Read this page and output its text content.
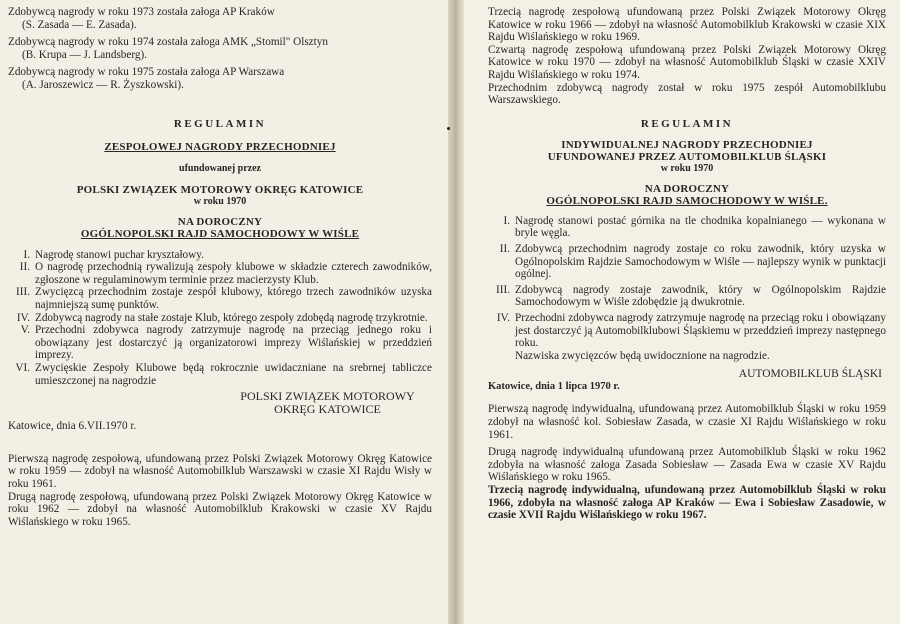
Zdobywcą nagrody w roku 1973 została załoga AP Kraków

(S. Zasada — E. Zasada).

Zdobywcą nagrody w roku 1974 została załoga AMK „Stomil" Olsztyn

(B. Krupa — J. Landsberg).

Zdobywcą nagrody w roku 1975 została załoga AP Warszawa

(A. Jaroszewicz — R. Żyszkowski).

REGULAMIN

ZESPOŁOWEJ NAGRODY PRZECHODNIEJ

ufundowanej przez

POLSKI ZWIĄZEK MOTOROWY OKRĘG KATOWICE

w roku 1970

NA DOROCZNY

OGÓLNOPOLSKI RAJD SAMOCHODOWY W WIŚLE

I. Nagrodę stanowi puchar kryształowy.
II. O nagrodę przechodnią rywalizują zespoły klubowe w składzie czterech zawodników, zgłoszone w regulaminowym terminie przez macierzysty Klub.
III. Zwycięzcą przechodnim zostaje zespół klubowy, którego trzech zawodników uzyska najmniejszą sumę punktów.
IV. Zdobywcą nagrody na stałe zostaje Klub, którego zespoły zdobędą nagrodę trzykrotnie.
V. Przechodni zdobywca nagrody zatrzymuje nagrodę na przeciąg jednego roku i obowiązany jest dostarczyć ją organizatorowi imprezy Wiślańskiej w przeddzień imprezy.
VI. Zwycięskie Zespoły Klubowe będą rokrocznie uwidaczniane na srebrnej tabliczce umieszczonej na nagrodzie

POLSKI ZWIĄZEK MOTOROWY

OKRĘG KATOWICE

Katowice, dnia 6.VII.1970 r.

Pierwszą nagrodę zespołową, ufundowaną przez Polski Związek Motorowy Okręg Katowice w roku 1959 — zdobył na własność Automobilklub Warszawski w czasie XI Rajdu Wisły w roku 1961.

Drugą nagrodę zespołową, ufundowaną przez Polski Związek Motorowy Okręg Katowice w roku 1962 — zdobył na własność Automobilklub Krakowski w czasie XV Rajdu Wiślańskiego w roku 1965.

Trzecią nagrodę zespołową ufundowaną przez Polski Związek Motorowy Okręg Katowice w roku 1966 — zdobył na własność Automobilklub Krakowski w czasie XIX Rajdu Wiślańskiego w roku 1969.

Czwartą nagrodę zespołową ufundowaną przez Polski Związek Motorowy Okręg Katowice w roku 1970 — zdobył na własność Automobilklub Śląski w czasie XXIV Rajdu Wiślańskiego w roku 1974.

Przechodnim zdobywcą nagrody został w roku 1975 zespół Automobilklubu Warszawskiego.

REGULAMIN

INDYWIDUALNEJ NAGRODY PRZECHODNIEJ

UFUNDOWANEJ PRZEZ AUTOMOBILKLUB ŚLĄSKI

w roku 1970

NA DOROCZNY

OGÓLNOPOLSKI RAJD SAMOCHODOWY W WIŚLE.

I. Nagrodę stanowi postać górnika na tle chodnika kopalnianego — wykonana w bryle węgla.
II. Zdobywcą przechodnim nagrody zostaje co roku zawodnik, który uzyska w Ogólnopolskim Rajdzie Samochodowym w Wiśle — najlepszy wynik w punktacji ogólnej.
III. Zdobywcą nagrody zostaje zawodnik, który w Ogólnopolskim Rajdzie Samochodowym w Wiśle zdobędzie ją dwukrotnie.
IV. Przechodni zdobywca nagrody zatrzymuje nagrodę na przeciąg roku i obowiązany jest dostarczyć ją Automobilklubowi Śląskiemu w przeddzień imprezy następnego roku.

Nazwiska zwycięzców będą uwidocznione na nagrodzie.

AUTOMOBILKLUB ŚLĄSKI

Katowice, dnia 1 lipca 1970 r.

Pierwszą nagrodę indywidualną, ufundowaną przez Automobilklub Śląski w roku 1959 zdobył na własność kol. Sobiesław Zasada, w czasie XI Rajdu Wiślańskiego w roku 1961.

Drugą nagrodę indywidualną ufundowaną przez Automobilklub Śląski w roku 1962 zdobyła na własność załoga Zasada Sobiesław — Zasada Ewa w czasie XV Rajdu Wiślańskiego w roku 1965.

Trzecią nagrodę indywidualną, ufundowaną przez Automobilklub Śląski w roku 1966, zdobyła na własność załoga AP Kraków — Ewa i Sobiesław Zasadowie, w czasie XVII Rajdu Wiślańskiego w roku 1967.
